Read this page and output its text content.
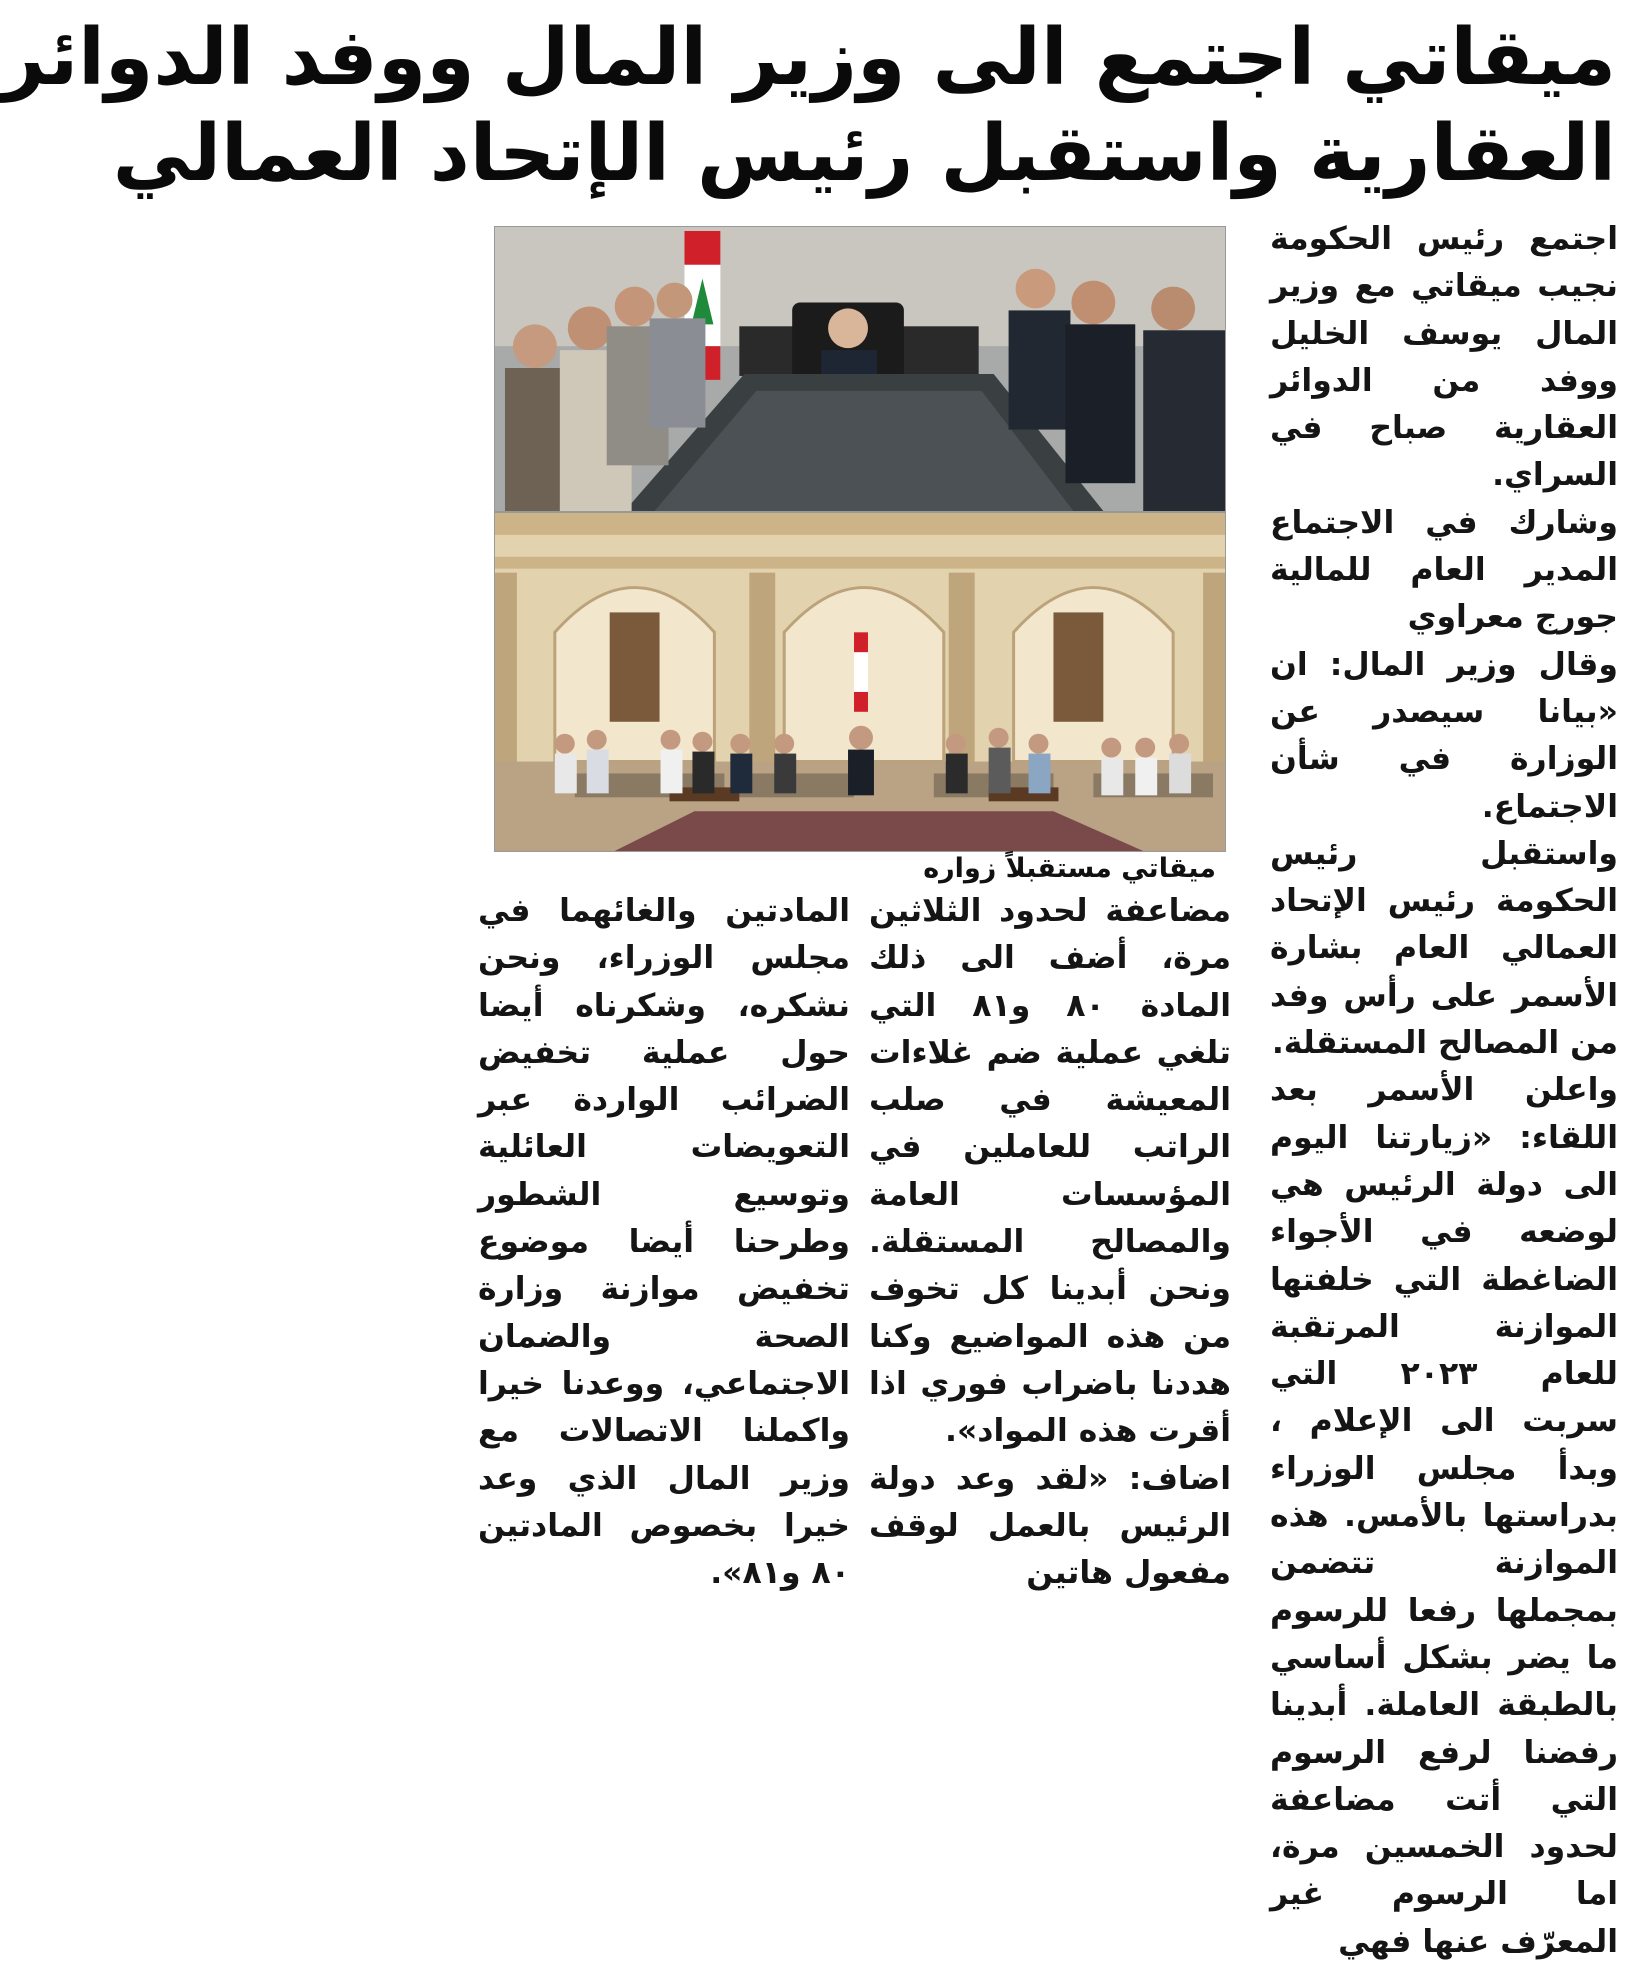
ميقاتي اجتمع الى وزير المال ووفد الدوائر
العقارية واستقبل رئيس الإتحاد العمالي

اجتمع رئيس الحكومة نجيب ميقاتي مع وزير المال يوسف الخليل ووفد من الدوائر العقارية صباح في السراي.

وشارك في الاجتماع المدير العام للمالية جورج معراوي

وقال وزير المال: ان «بيانا سيصدر عن الوزارة في شأن الاجتماع.

واستقبل رئيس الحكومة رئيس الإتحاد العمالي العام بشارة الأسمر على رأس وفد من المصالح المستقلة.

واعلن الأسمر بعد اللقاء: «زيارتنا اليوم الى دولة الرئيس هي لوضعه في الأجواء الضاغطة التي خلفتها الموازنة المرتقبة للعام ٢٠٢٣ التي سربت الى الإعلام ، وبدأ مجلس الوزراء بدراستها بالأمس. هذه الموازنة تتضمن بمجملها رفعا للرسوم ما يضر بشكل أساسي بالطبقة العاملة. أبدينا رفضنا لرفع الرسوم التي أتت مضاعفة لحدود الخمسين مرة، اما الرسوم غير المعرّف عنها فهي

ميقاتي مستقبلاً زواره

مضاعفة لحدود الثلاثين مرة، أضف الى ذلك المادة ٨٠ و٨١ التي تلغي عملية ضم غلاءات المعيشة في صلب الراتب للعاملين في المؤسسات العامة والمصالح المستقلة. ونحن أبدينا كل تخوف من هذه المواضيع وكنا هددنا باضراب فوري اذا أقرت هذه المواد».

اضاف: «لقد وعد دولة الرئيس بالعمل لوقف مفعول هاتين

المادتين والغائهما في مجلس الوزراء، ونحن نشكره، وشكرناه أيضا حول عملية تخفيض الضرائب الواردة عبر التعويضات العائلية وتوسيع الشطور وطرحنا أيضا موضوع تخفيض موازنة وزارة الصحة والضمان الاجتماعي، ووعدنا خيرا واكملنا الاتصالات مع وزير المال الذي وعد خيرا بخصوص المادتين ٨٠ و٨١».
